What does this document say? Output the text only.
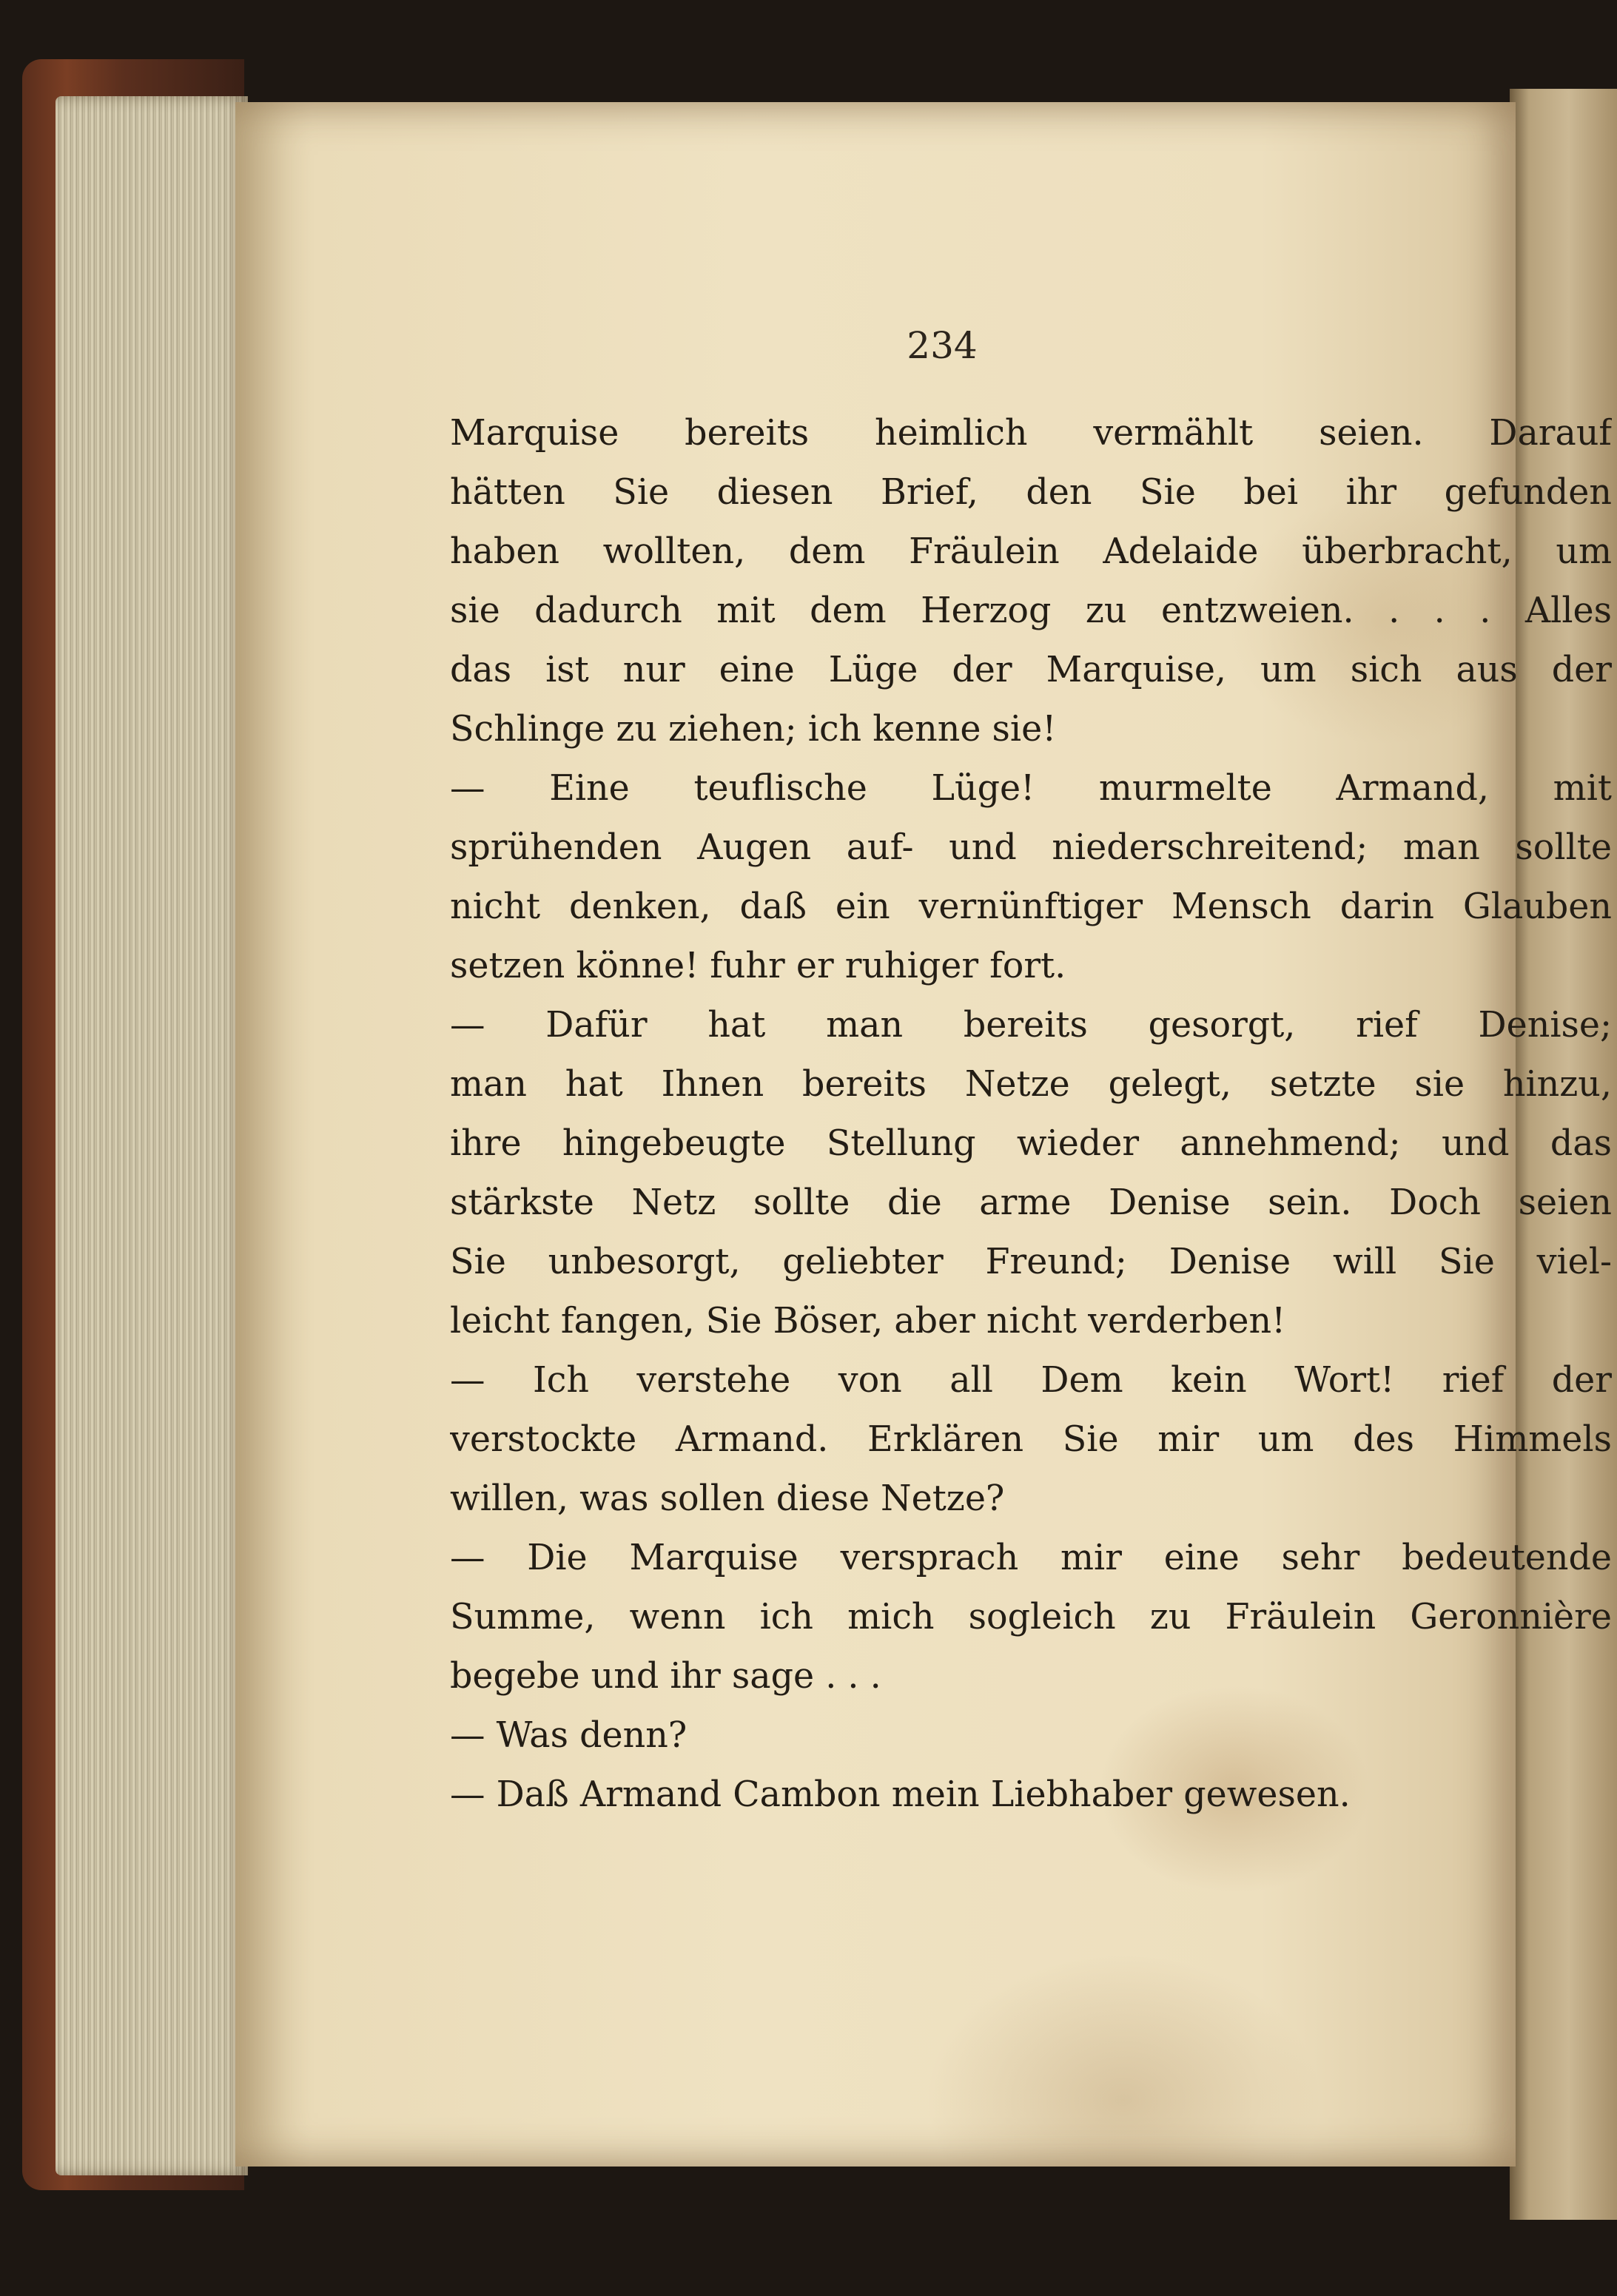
234
Marquise bereits heimlich vermählt seien. Darauf
hätten Sie diesen Brief, den Sie bei ihr gefunden
haben wollten, dem Fräulein Adelaide überbracht, um
sie dadurch mit dem Herzog zu entzweien. . . . Alles
das ist nur eine Lüge der Marquise, um sich aus der
Schlinge zu ziehen; ich kenne sie!
— Eine teuflische Lüge! murmelte Armand, mit
sprühenden Augen auf- und niederschreitend; man sollte
nicht denken, daß ein vernünftiger Mensch darin Glauben
setzen könne! fuhr er ruhiger fort.
— Dafür hat man bereits gesorgt, rief Denise;
man hat Ihnen bereits Netze gelegt, setzte sie hinzu,
ihre hingebeugte Stellung wieder annehmend; und das
stärkste Netz sollte die arme Denise sein. Doch seien
Sie unbesorgt, geliebter Freund; Denise will Sie viel-
leicht fangen, Sie Böser, aber nicht verderben!
— Ich verstehe von all Dem kein Wort! rief der
verstockte Armand. Erklären Sie mir um des Himmels
willen, was sollen diese Netze?
— Die Marquise versprach mir eine sehr bedeutende
Summe, wenn ich mich sogleich zu Fräulein Geronnière
begebe und ihr sage . . .
— Was denn?
— Daß Armand Cambon mein Liebhaber gewesen.
